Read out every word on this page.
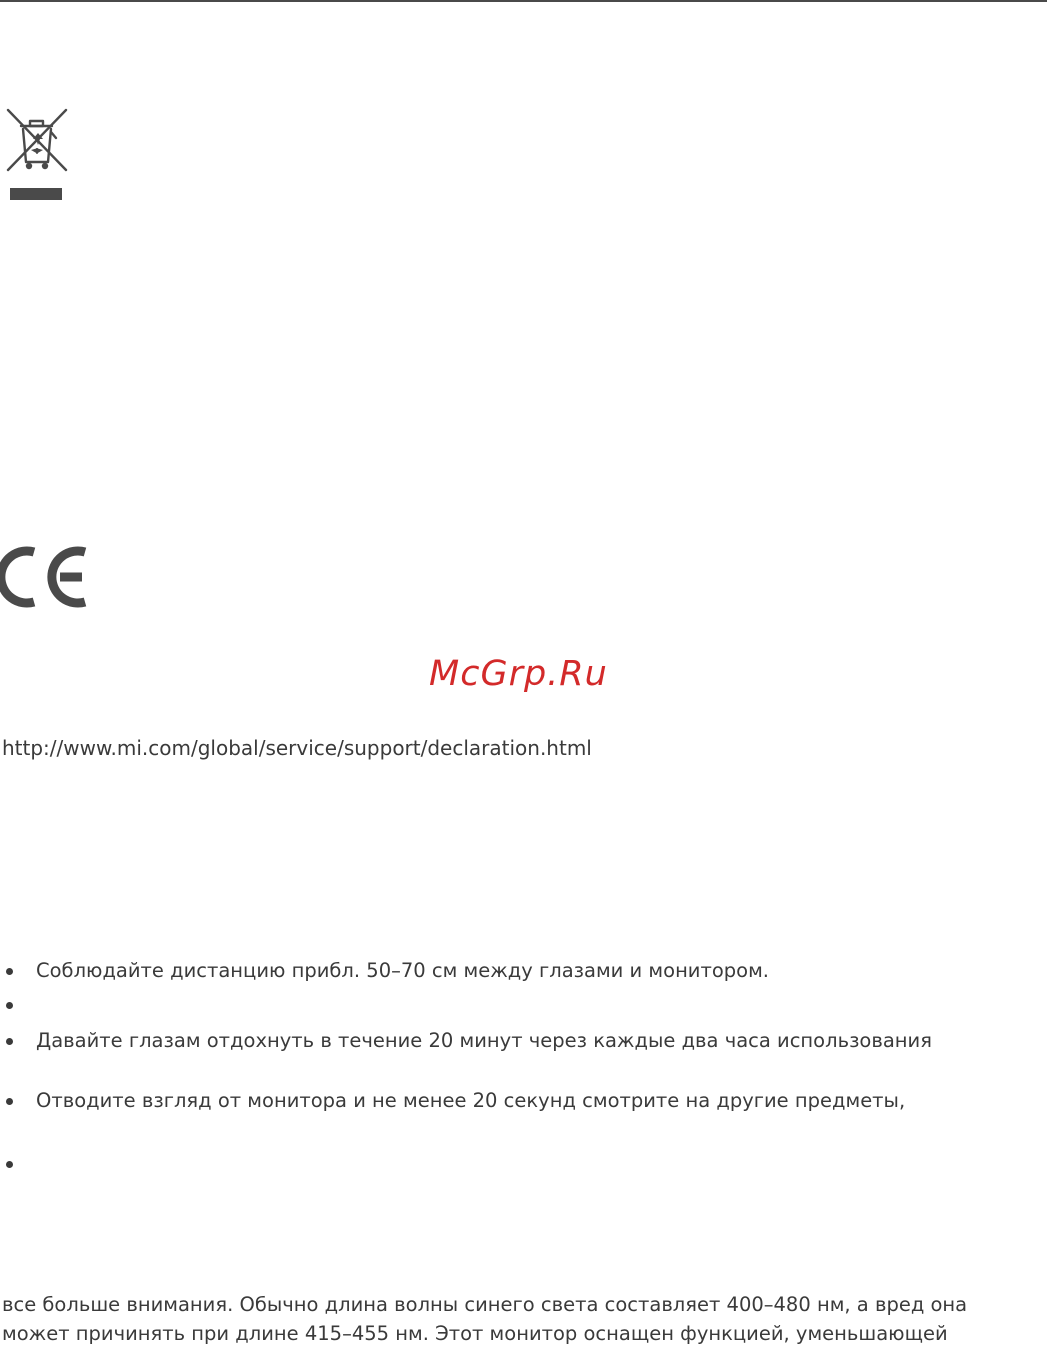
McGrp.Ru
http://www.mi.com/global/service/support/declaration.html
Соблюдайте дистанцию прибл. 50–70 см между глазами и монитором.
Давайте глазам отдохнуть в течение 20 минут через каждые два часа использования
Отводите взгляд от монитора и не менее 20 секунд смотрите на другие предметы,
все больше внимания. Обычно длина волны синего света составляет 400–480 нм, а вред она
может причинять при длине 415–455 нм. Этот монитор оснащен функцией, уменьшающей
